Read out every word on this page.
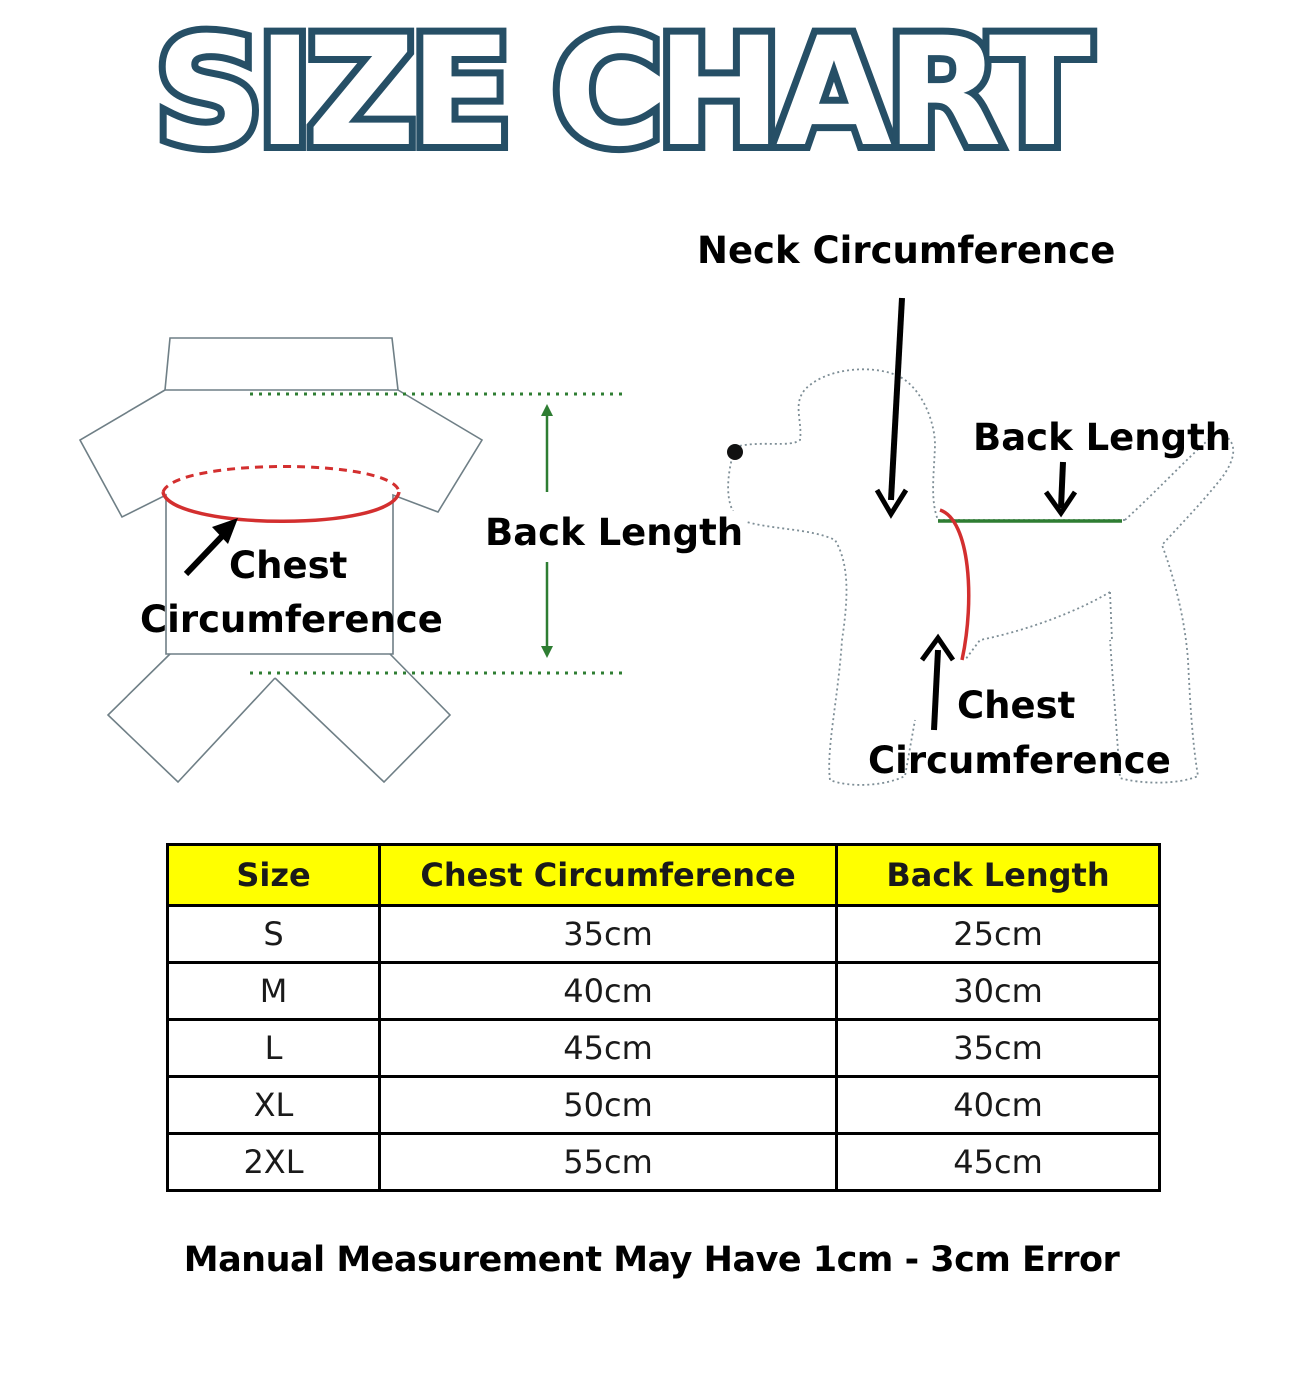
SIZE CHART
Chest
Circumference
Back Length
Neck Circumference
Back Length
Chest
Circumference
Size	Chest Circumference	Back Length
S	35cm	25cm
M	40cm	30cm
L	45cm	35cm
XL	50cm	40cm
2XL	55cm	45cm
Manual Measurement May Have 1cm - 3cm Error
